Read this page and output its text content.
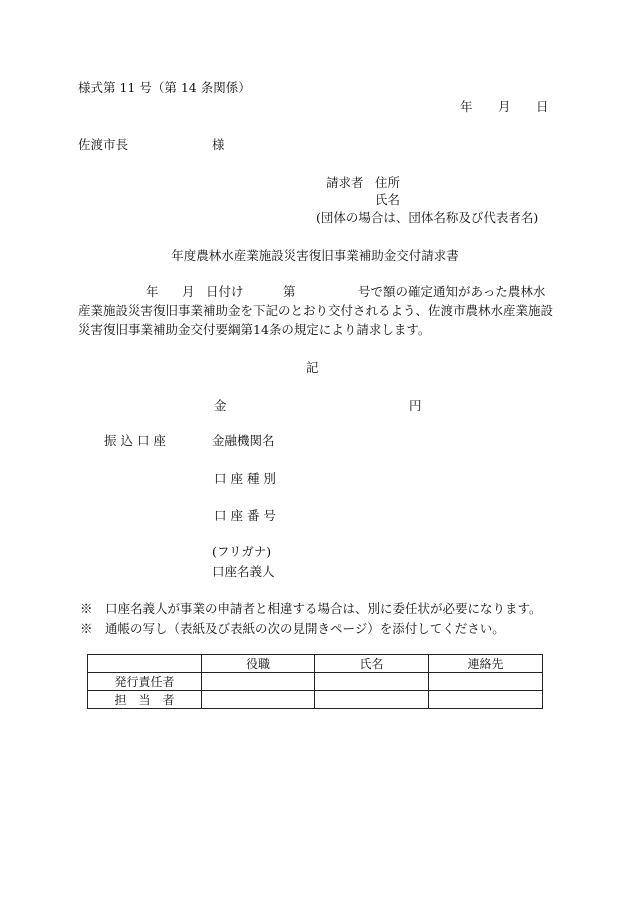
様式第 11 号（第 14 条関係）
年 月 日
佐渡市長	様
請求者 住所
氏名
(団体の場合は、団体名称及び代表者名)
年度農林水産業施設災害復旧事業補助金交付請求書
年 月 日付け	第	号で額の確定通知があった農林水
産業施設災害復旧事業補助金を下記のとおり交付されるよう、佐渡市農林水産業施設
災害復旧事業補助金交付要綱第14条の規定により請求します。
記
金	円
振 込 口 座	金融機関名
口 座 種 別
口 座 番 号
(フリガナ)
口座名義人
※　口座名義人が事業の申請者と相違する場合は、別に委任状が必要になります。
※　通帳の写し（表紙及び表紙の次の見開きページ）を添付してください。
	役職	氏名	連絡先
発行責任者			
担　当　者			
